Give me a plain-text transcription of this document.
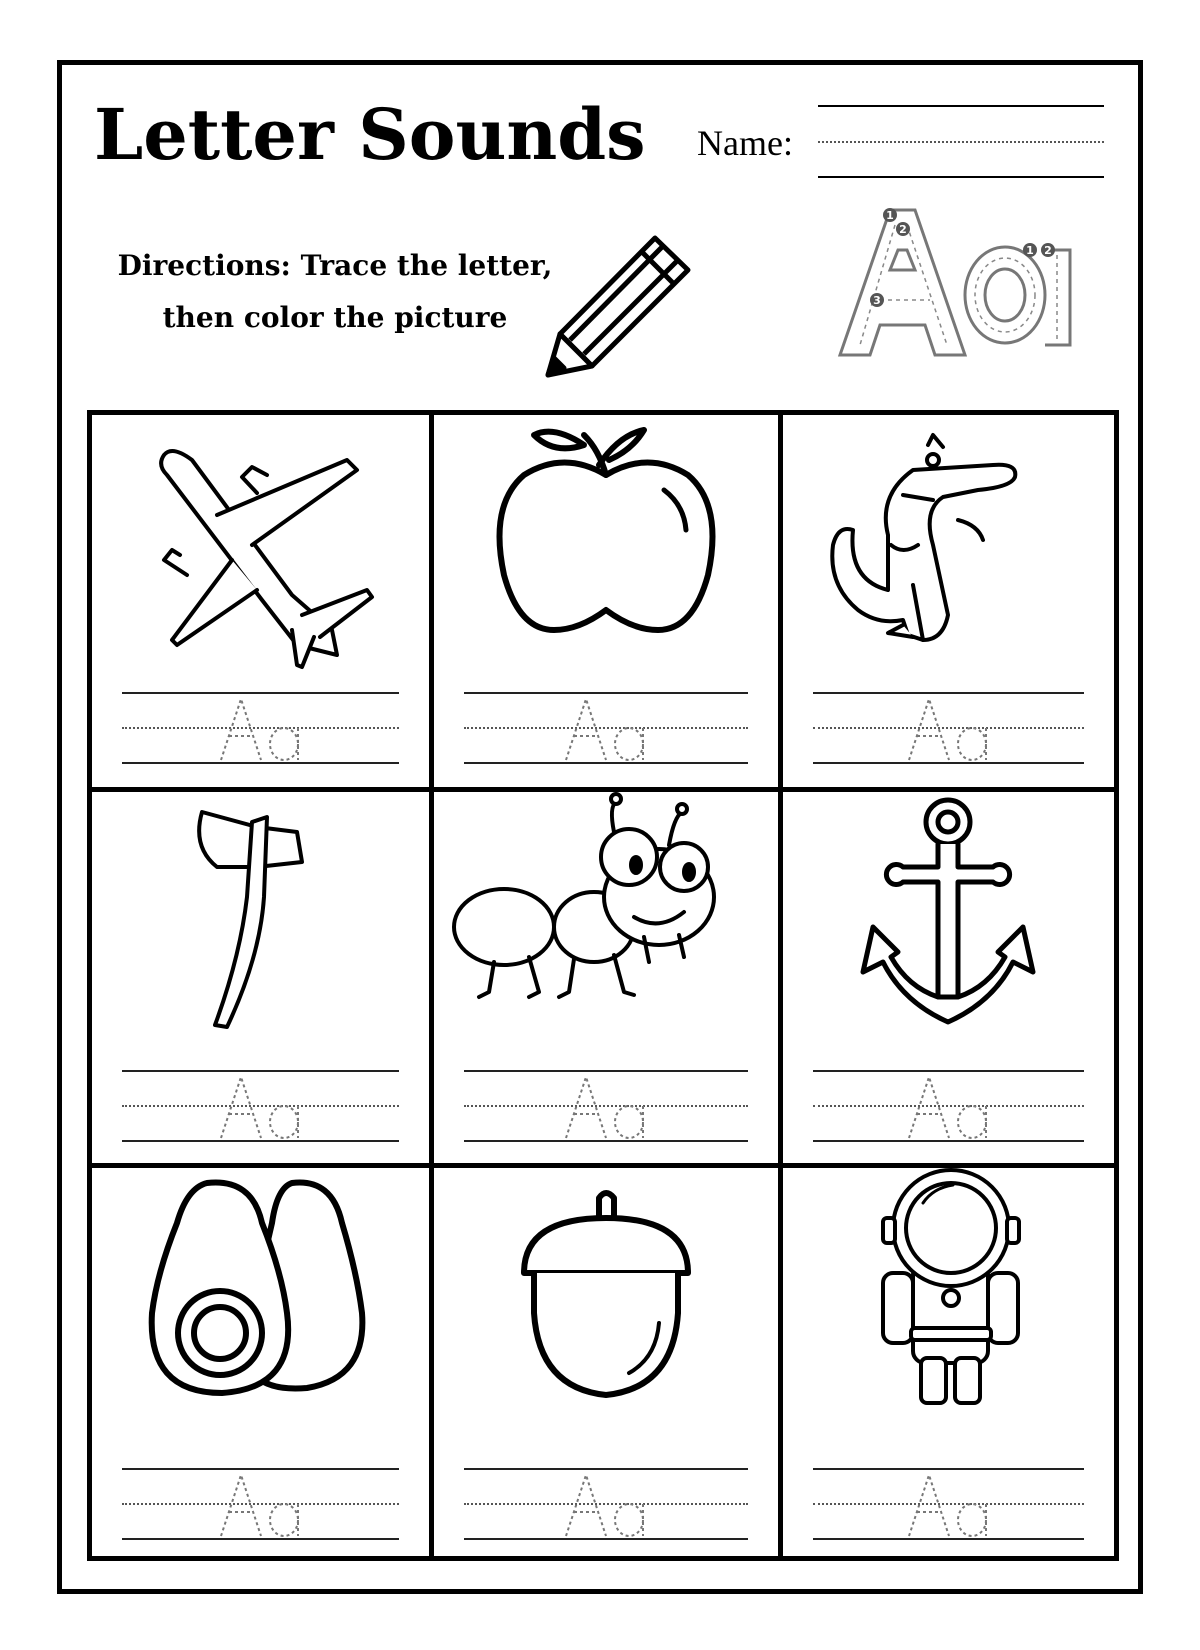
Letter Sounds Name:
Directions: Trace the letter,
then color the picture
1
2
3
1 2
